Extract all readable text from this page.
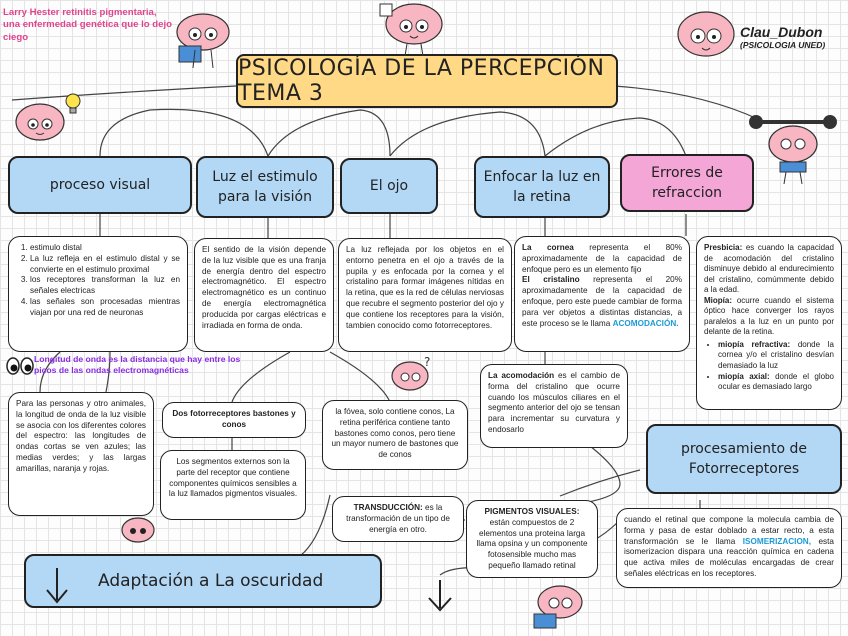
PSICOLOGÍA DE LA PERCEPCIÓN TEMA 3
Clau_Dubon
(PSICOLOGIA UNED)
Larry Hester retinitis pigmentaria, una enfermedad genética que lo dejo ciego
?
proceso visual
Luz el estimulo para la visión
El ojo
Enfocar la luz en la retina
Errores de refraccion
procesamiento de Fotorreceptores
Adaptación a La oscuridad
1. estimulo distal
2. La luz refleja en el estimulo distal y se convierte en el estimulo proximal
3. los receptores transforman la luz en señales electricas
4. las señales son procesadas mientras viajan por una red de neuronas
El sentido de la visión depende de la luz visible que es una franja de energía dentro del espectro electromagnético. El espectro electromagnético es un continuo de energía electromagnética producida por cargas eléctricas e irradiada en forma de onda.
La luz reflejada por los objetos en el entorno penetra en el ojo a través de la pupila y es enfocada por la cornea y el cristalino para formar imágenes nítidas en la retina, que es la red de células nerviosas que recubre el segmento posterior del ojo y que contiene los receptores para la visión, tambien conocido como fotorreceptores.
La cornea representa el 80% aproximadamente de la capacidad de enfoque pero es un elemento fijo
El cristalino representa el 20% aproximadamente de la capacidad de enfoque, pero este puede cambiar de forma para ver objetos a distintas distancias, a este proceso se le llama ACOMODACIÓN.
Presbicia: es cuando la capacidad de acomodación del cristalino disminuye debido al endurecimiento del cristalino, comúmmente debido a la edad.
Miopía: ocurre cuando el sistema óptico hace converger los rayos paralelos a la luz en un punto por delante de la retina.
• miopía refractiva: donde la cornea y/o el cristalino desvían demasiado la luz
• miopía axial: donde el globo ocular es demasiado largo
Longitud de onda es la distancia que hay entre los picos de las ondas electromagnéticas
La acomodación es el cambio de forma del cristalino que ocurre cuando los músculos ciliares en el segmento anterior del ojo se tensan para incrementar su curvatura y endosarlo
Para las personas y otro animales, la longitud de onda de la luz visible se asocia con los diferentes colores del espectro: las longitudes de ondas cortas se ven azules; las medias verdes; y las largas amarillas, naranja y rojas.
Dos fotorreceptores bastones y conos
la fóvea, solo contiene conos, La retina periférica contiene tanto bastones como conos, pero tiene un mayor numero de bastones que de conos
Los segmentos externos son la parte del receptor que contiene componentes químicos sensibles a la luz llamados pigmentos visuales.
TRANSDUCCIÓN: es la transformación de un tipo de energía en otro.
PIGMENTOS VISUALES: están compuestos de 2 elementos una proteina larga llama opsina y un componente fotosensible mucho mas pequeño llamado retinal
cuando el retinal que compone la molecula cambia de forma y pasa de estar doblado a estar recto, a esta transformación se le llama ISOMERIZACION, esta isomerizacion dispara una reacción química en cadena que activa miles de moléculas encargadas de crear señales eléctricas en los receptores.
